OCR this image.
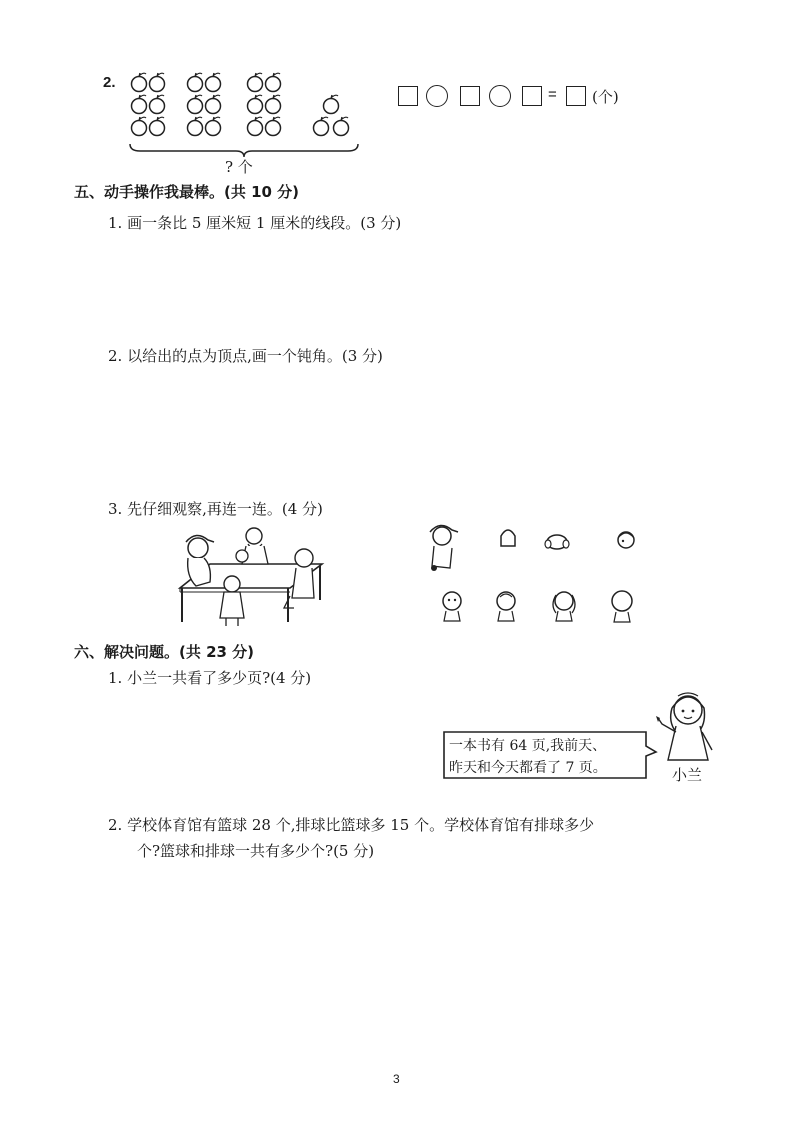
2.
? 个
= (个)
五、动手操作我最棒。(共 10 分)
1. 画一条比 5 厘米短 1 厘米的线段。(3 分)
2. 以给出的点为顶点,画一个钝角。(3 分)
3. 先仔细观察,再连一连。(4 分)
六、解决问题。(共 23 分)
1. 小兰一共看了多少页?(4 分)
一本书有 64 页,我前天、
昨天和今天都看了 7 页。	小兰
2. 学校体育馆有篮球 28 个,排球比篮球多 15 个。学校体育馆有排球多少
个?篮球和排球一共有多少个?(5 分)
3
